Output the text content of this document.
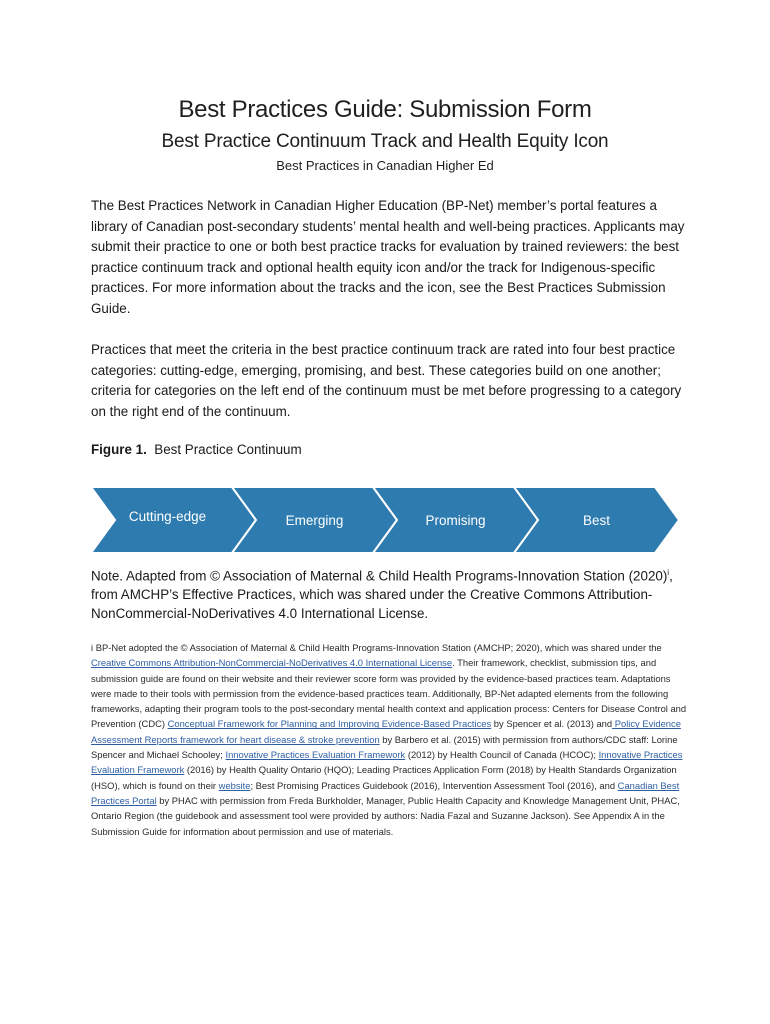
Best Practices Guide: Submission Form
Best Practice Continuum Track and Health Equity Icon
Best Practices in Canadian Higher Ed
The Best Practices Network in Canadian Higher Education (BP-Net) member’s portal features a library of Canadian post-secondary students’ mental health and well-being practices. Applicants may submit their practice to one or both best practice tracks for evaluation by trained reviewers: the best practice continuum track and optional health equity icon and/or the track for Indigenous-specific practices. For more information about the tracks and the icon, see the Best Practices Submission Guide.
Practices that meet the criteria in the best practice continuum track are rated into four best practice categories: cutting-edge, emerging, promising, and best. These categories build on one another; criteria for categories on the left end of the continuum must be met before progressing to a category on the right end of the continuum.
Figure 1. Best Practice Continuum
Cutting-edge	Emerging	Promising	Best
Note. Adapted from © Association of Maternal & Child Health Programs-Innovation Station $(2020)^i$, from AMCHP’s Effective Practices, which was shared under the Creative Commons Attribution-NonCommercial-NoDerivatives 4.0 International License.
i BP-Net adopted the © Association of Maternal & Child Health Programs-Innovation Station (AMCHP; 2020), which was shared under the Creative Commons Attribution-NonCommercial-NoDerivatives 4.0 International License. Their framework, checklist, submission tips, and submission guide are found on their website and their reviewer score form was provided by the evidence-based practices team. Adaptations were made to their tools with permission from the evidence-based practices team. Additionally, BP-Net adapted elements from the following frameworks, adapting their program tools to the post-secondary mental health context and application process: Centers for Disease Control and Prevention (CDC) Conceptual Framework for Planning and Improving Evidence-Based Practices by Spencer et al. (2013) and Policy Evidence Assessment Reports framework for heart disease & stroke prevention by Barbero et al. (2015) with permission from authors/CDC staff: Lorine Spencer and Michael Schooley; Innovative Practices Evaluation Framework (2012) by Health Council of Canada (HCOC); Innovative Practices Evaluation Framework (2016) by Health Quality Ontario (HQO); Leading Practices Application Form (2018) by Health Standards Organization (HSO), which is found on their website; Best Promising Practices Guidebook (2016), Intervention Assessment Tool (2016), and Canadian Best Practices Portal by PHAC with permission from Freda Burkholder, Manager, Public Health Capacity and Knowledge Management Unit, PHAC, Ontario Region (the guidebook and assessment tool were provided by authors: Nadia Fazal and Suzanne Jackson). See Appendix A in the Submission Guide for information about permission and use of materials.
